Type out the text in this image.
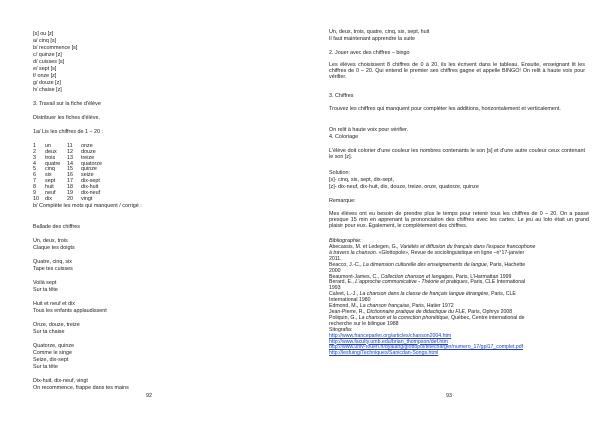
[s] ou [z]
a/ cinq [s]
b/ recommence [s]
c/ quinze [z]
d/ cuisses [s]
e/ sept [s]
f/ onze [z]
g/ douze [z]
h/ chaise [z]
3. Travail sur la fiche d'élève
Distribuer les fiches d'élève.
1a/ Lis les chiffres de 1 – 20 :
1 un	11 onze
2 deux 12 douze
3 trois 13 treize
4 quatre 14 quatorze
5 cinq 15 quinze
6 six	16 seize
7 sept 17 dix-sept
8 huit 18 dix-huit
9 neuf 19 dix-neuf
10 dix	20 vingt
b/ Complète les mots qui manquent / corrigé :
Ballade des chiffres
Un, deux, trois
Claque tes doigts
Quatre, cinq, six
Tape tes cuisses
Voilà sept
Sur ta tête
Huit et neuf et dix
Tous les enfants applaudissent
Onze, douze, treize
Sur ta chaise
Quatorze, quinze
Comme le singe
Seize, dix-sept
Sur ta tête
Dix-huit, dix-neuf, vingt
On recommence, frappe dans tes mains
92
Un, deux, trois, quatre, cinq, six, sept, huit
Il faut maintenant apprendre la suite
2. Jouer avec des chiffres – bingo
Les élèves choisissent 8 chiffres de 0 à 20, ils les écrivent dans le tableau. Ensuite, enseignant lit les chiffres de 0 – 20. Qui entend le premier ses chiffres gagne et appelle BINGO! On relit à haute voix pour vérifier.
3. Chiffres
Trouvez les chiffres qui manquent pour compléter les additions, horizontalement et verticalement.
On relit à haute voix pour vérifier.
4. Coloriage
L'élève doit colorier d'une couleur les nombres contenants le son [s] et d'une autre couleur ceux contenant le son [z].
Solution:
[s]- cinq, six, sept, dix-sept,
[z]- dix-neuf, dix-huit, dix, douze, treize, onze, quatorze, quinze
Remarque:
Mes élèves ont eu besoin de prendre plus le temps pour retenir tous les chiffres de 0 – 20. On a passé presque 15 min en apprenant la prononciation des chiffres avec les cartes. Le jeu au loto était un grand plaisir pour eux. Également, le complètement des chiffres.
Bibliographie:
Abecassis, M. et Ledegen, G., Variétés et diffusion du français dans l'espace francophone
à travers la chanson. «Glottopole», Revue de sociolinguistique en ligne –n°17-janvier
2011.
Beacco, J.-C., La dimension culturelle des enseignements de langue, Paris, Hachette
2000
Beaumont-James, C., Collection chanson et langages, Paris, L'Harmattan 1999
Berard, E., L'approche communicative - Théorie et pratiques, Paris, CLE International
1993
Calvet, L.-J., La chanson dans la classe de français langue étrangère, Paris, CLE
International 1980
Edmond, M., La chanson française, Paris, Hatier 1972
Jean-Pierre, R., Dictionnaire pratique de didactique du FLE, Paris, Ophrys 2008
Poliquin, G., La chanson et la correction phonétique, Québec, Centre international de
recherche sur le bilingue 1988
Sitografia:
http://www.franceparler.org/articles/chanson2004.htm
http://www.faculty.umb.edu/brian_thompson/def.htm
http://www.univ-rouen.fr/dyalang/glottopol/telecharger/numero_17/gpl17_complet.pdf
http://lesfuing/Techniques/Sanicdan-Songs.html
93
